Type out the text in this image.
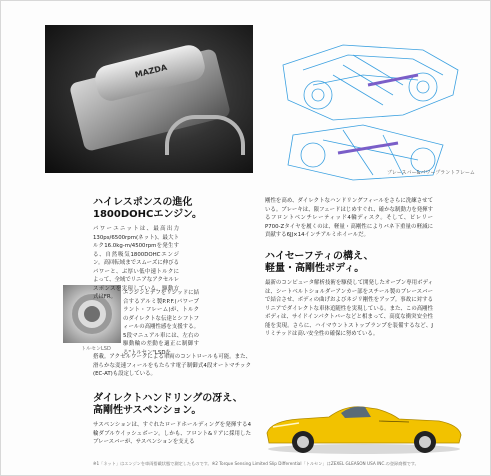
MAZDA
ブレースバー&パワープラントフレーム
トルセンLSD
ハイレスポンスの進化
1800DOHCエンジン。
パワーユニットは、最高出力130ps/6500rpm(ネット)、最大トルク16.0kg-m/4500rpmを発生する、自然吸気1800DOHCエンジン。高回転域までスムーズに伸びるパワーと、ぶ厚い低中速トルクによって、全域でリニアなアクセルレスポンスを実現している。駆動方式はFR。
エンジンとデフをリジッドに結合するアルミ製P.P.F.(パワープラント・フレーム)が、トルクのダイレクトな伝達とシフトフィールの高剛性感を支援する。5段マニュアル車には、左右の駆動輪の差動を適正に制御する"トルセン"LSDを
搭載。アクセルワークによる車両のコントロールも可能。また、滑らかな変速フィールをもたらす電子制御式4段オートマチック(EC-AT)も設定している。
ダイレクトハンドリングの冴え、
高剛性サスペンション。
サスペンションは、すぐれたロードホールディングを発揮する4輪ダブルウイッシュボーン。しかも、フロント&リアに採用したブレースバーが、サスペンションを支える
剛性を高め、ダイレクトなハンドリングフィールをさらに洗練させている。ブレーキは、限フェードはじめすぐれ、確かな制動力を発揮するフロントベンチレーティッド4輪ディスク。そして、ピレリーP700-Zタイヤを履くのは、軽量・高剛性によりバネ下重量の軽減に貢献する6JJ×14インチアルミホイールだ。
ハイセーフティの構え、
軽量・高剛性ボディ。
最新のコンピュータ解析技術を駆使して開発したオープン専用ボディは、シートベルトショルダーアンカー部をスチール製のブレースバーで結合させ、ボディの曲げおよびネジリ剛性をアップ。事故に対するリニアでダイレクトな車体追随性を実現している。また、この高剛性ボディは、サイドインパクトバーなどと相まって、高度な衝突安全性能を実現。さらに、ハイマウントストップランプを装備するなど、Jリミテッドは高い安全性の確保に努めている。
※1「ネット」はエンジンを車両搭載状態で測定したものです。※2 Torque Sensing Limited Slip Differential「トルセン」はZEXEL GLEASON USA INC.の登録商標です。
